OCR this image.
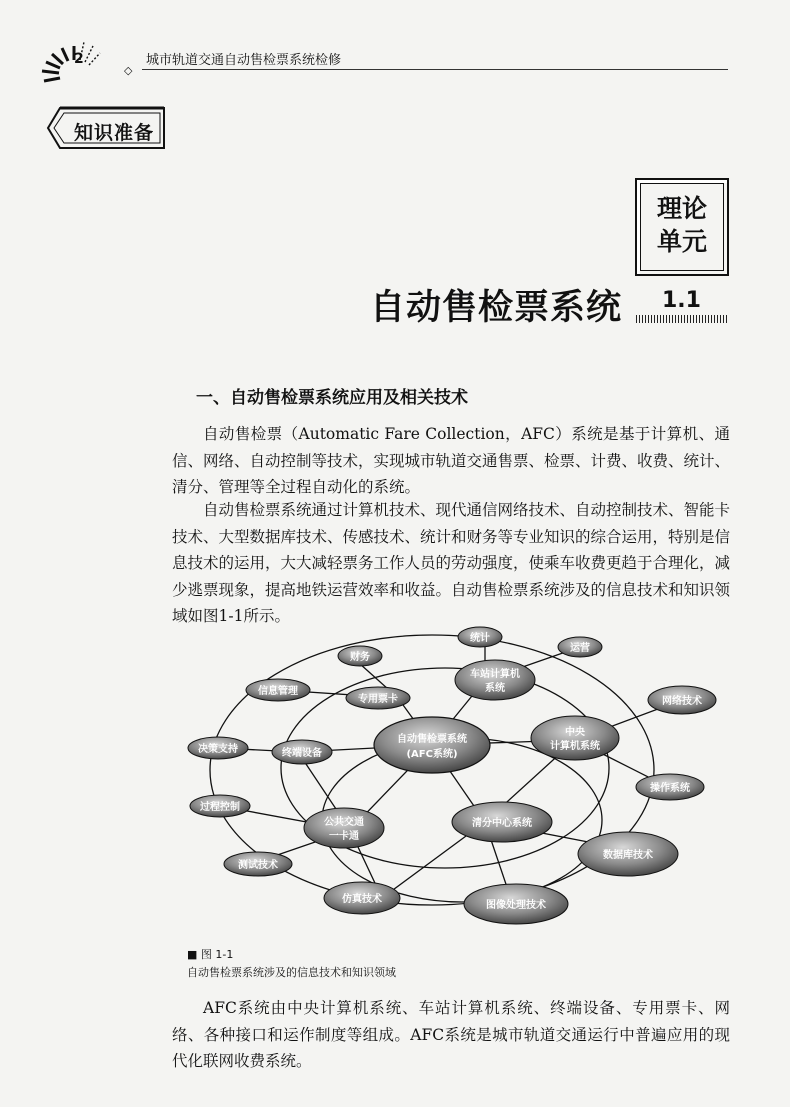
2
◇
城市轨道交通自动售检票系统检修
知识准备
理论
单元
自动售检票系统 1.1
一、自动售检票系统应用及相关技术

自动售检票（Automatic Fare Collection，AFC）系统是基于计算机、通信、网络、自动控制等技术，实现城市轨道交通售票、检票、计费、收费、统计、清分、管理等全过程自动化的系统。

自动售检票系统通过计算机技术、现代通信网络技术、自动控制技术、智能卡技术、大型数据库技术、传感技术、统计和财务等专业知识的综合运用，特别是信息技术的运用，大大减轻票务工作人员的劳动强度，使乘车收费更趋于合理化，减少逃票现象，提高地铁运营效率和收益。自动售检票系统涉及的信息技术和知识领域如图1-1所示。

自动售检票系统
(AFC系统)
统计
运营
财务
车站计算机
系统
信息管理
专用票卡	网络技术
中央
计算机系统
决策支持	终端设备
操作系统
过程控制
公共交通
一卡通
清分中心系统
数据库技术
测试技术
仿真技术
图像处理技术
■ 图 1-1
自动售检票系统涉及的信息技术和知识领域

AFC系统由中央计算机系统、车站计算机系统、终端设备、专用票卡、网络、各种接口和运作制度等组成。AFC系统是城市轨道交通运行中普遍应用的现代化联网收费系统。
